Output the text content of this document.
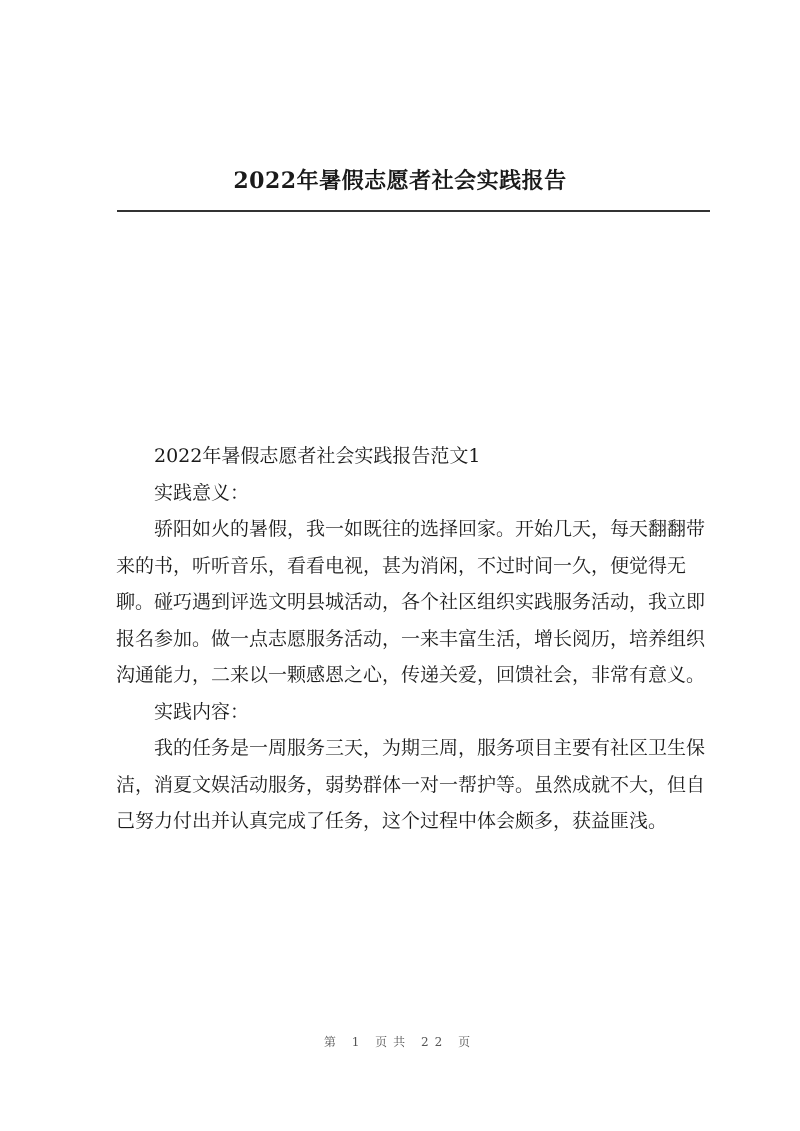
2022年暑假志愿者社会实践报告

2022年暑假志愿者社会实践报告范文1

实践意义：

骄阳如火的暑假，我一如既往的选择回家。开始几天，每天翻翻带来的书，听听音乐，看看电视，甚为消闲，不过时间一久，便觉得无聊。碰巧遇到评选文明县城活动，各个社区组织实践服务活动，我立即报名参加。做一点志愿服务活动，一来丰富生活，增长阅历，培养组织沟通能力，二来以一颗感恩之心，传递关爱，回馈社会，非常有意义。

实践内容：

我的任务是一周服务三天，为期三周，服务项目主要有社区卫生保洁，消夏文娱活动服务，弱势群体一对一帮护等。虽然成就不大，但自己努力付出并认真完成了任务，这个过程中体会颇多，获益匪浅。

第 1 页共 22 页
